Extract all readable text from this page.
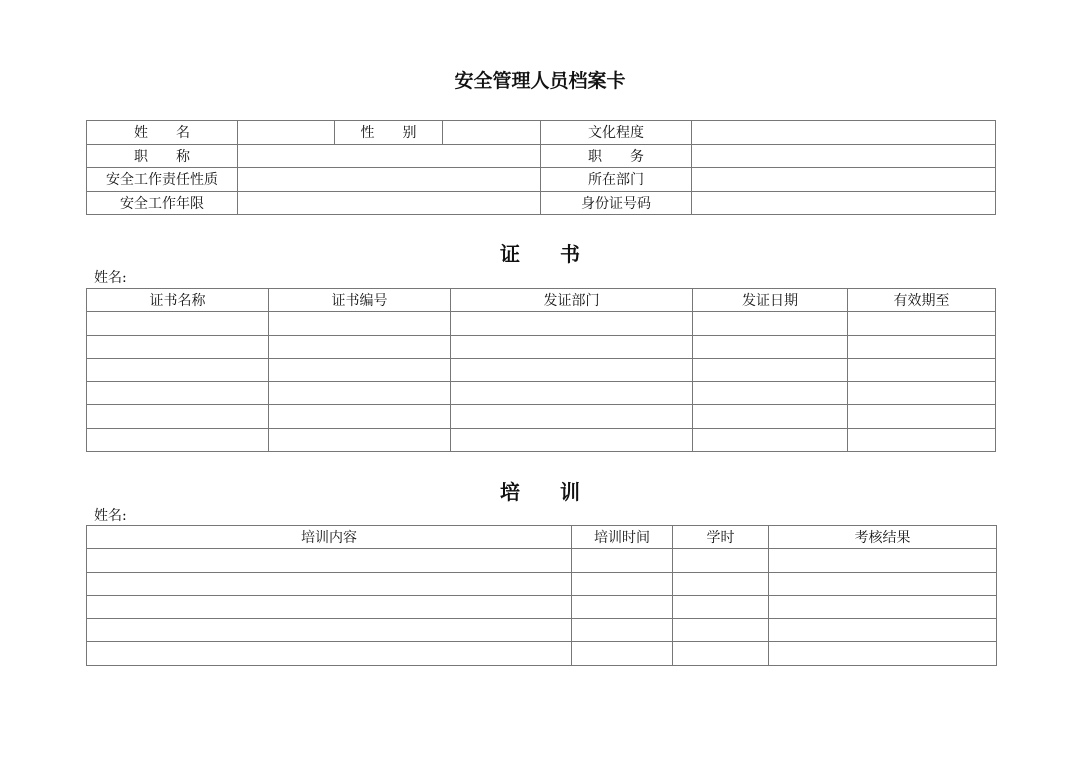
安全管理人员档案卡
姓　　名		性　　别		文化程度	
职　　称				职　　务	
安全工作责任性质				所在部门	
安全工作年限				身份证号码	
证　　书
姓名:
证书名称	证书编号	发证部门	发证日期	有效期至

培　　训
姓名:
培训内容	培训时间	学时	考核结果
